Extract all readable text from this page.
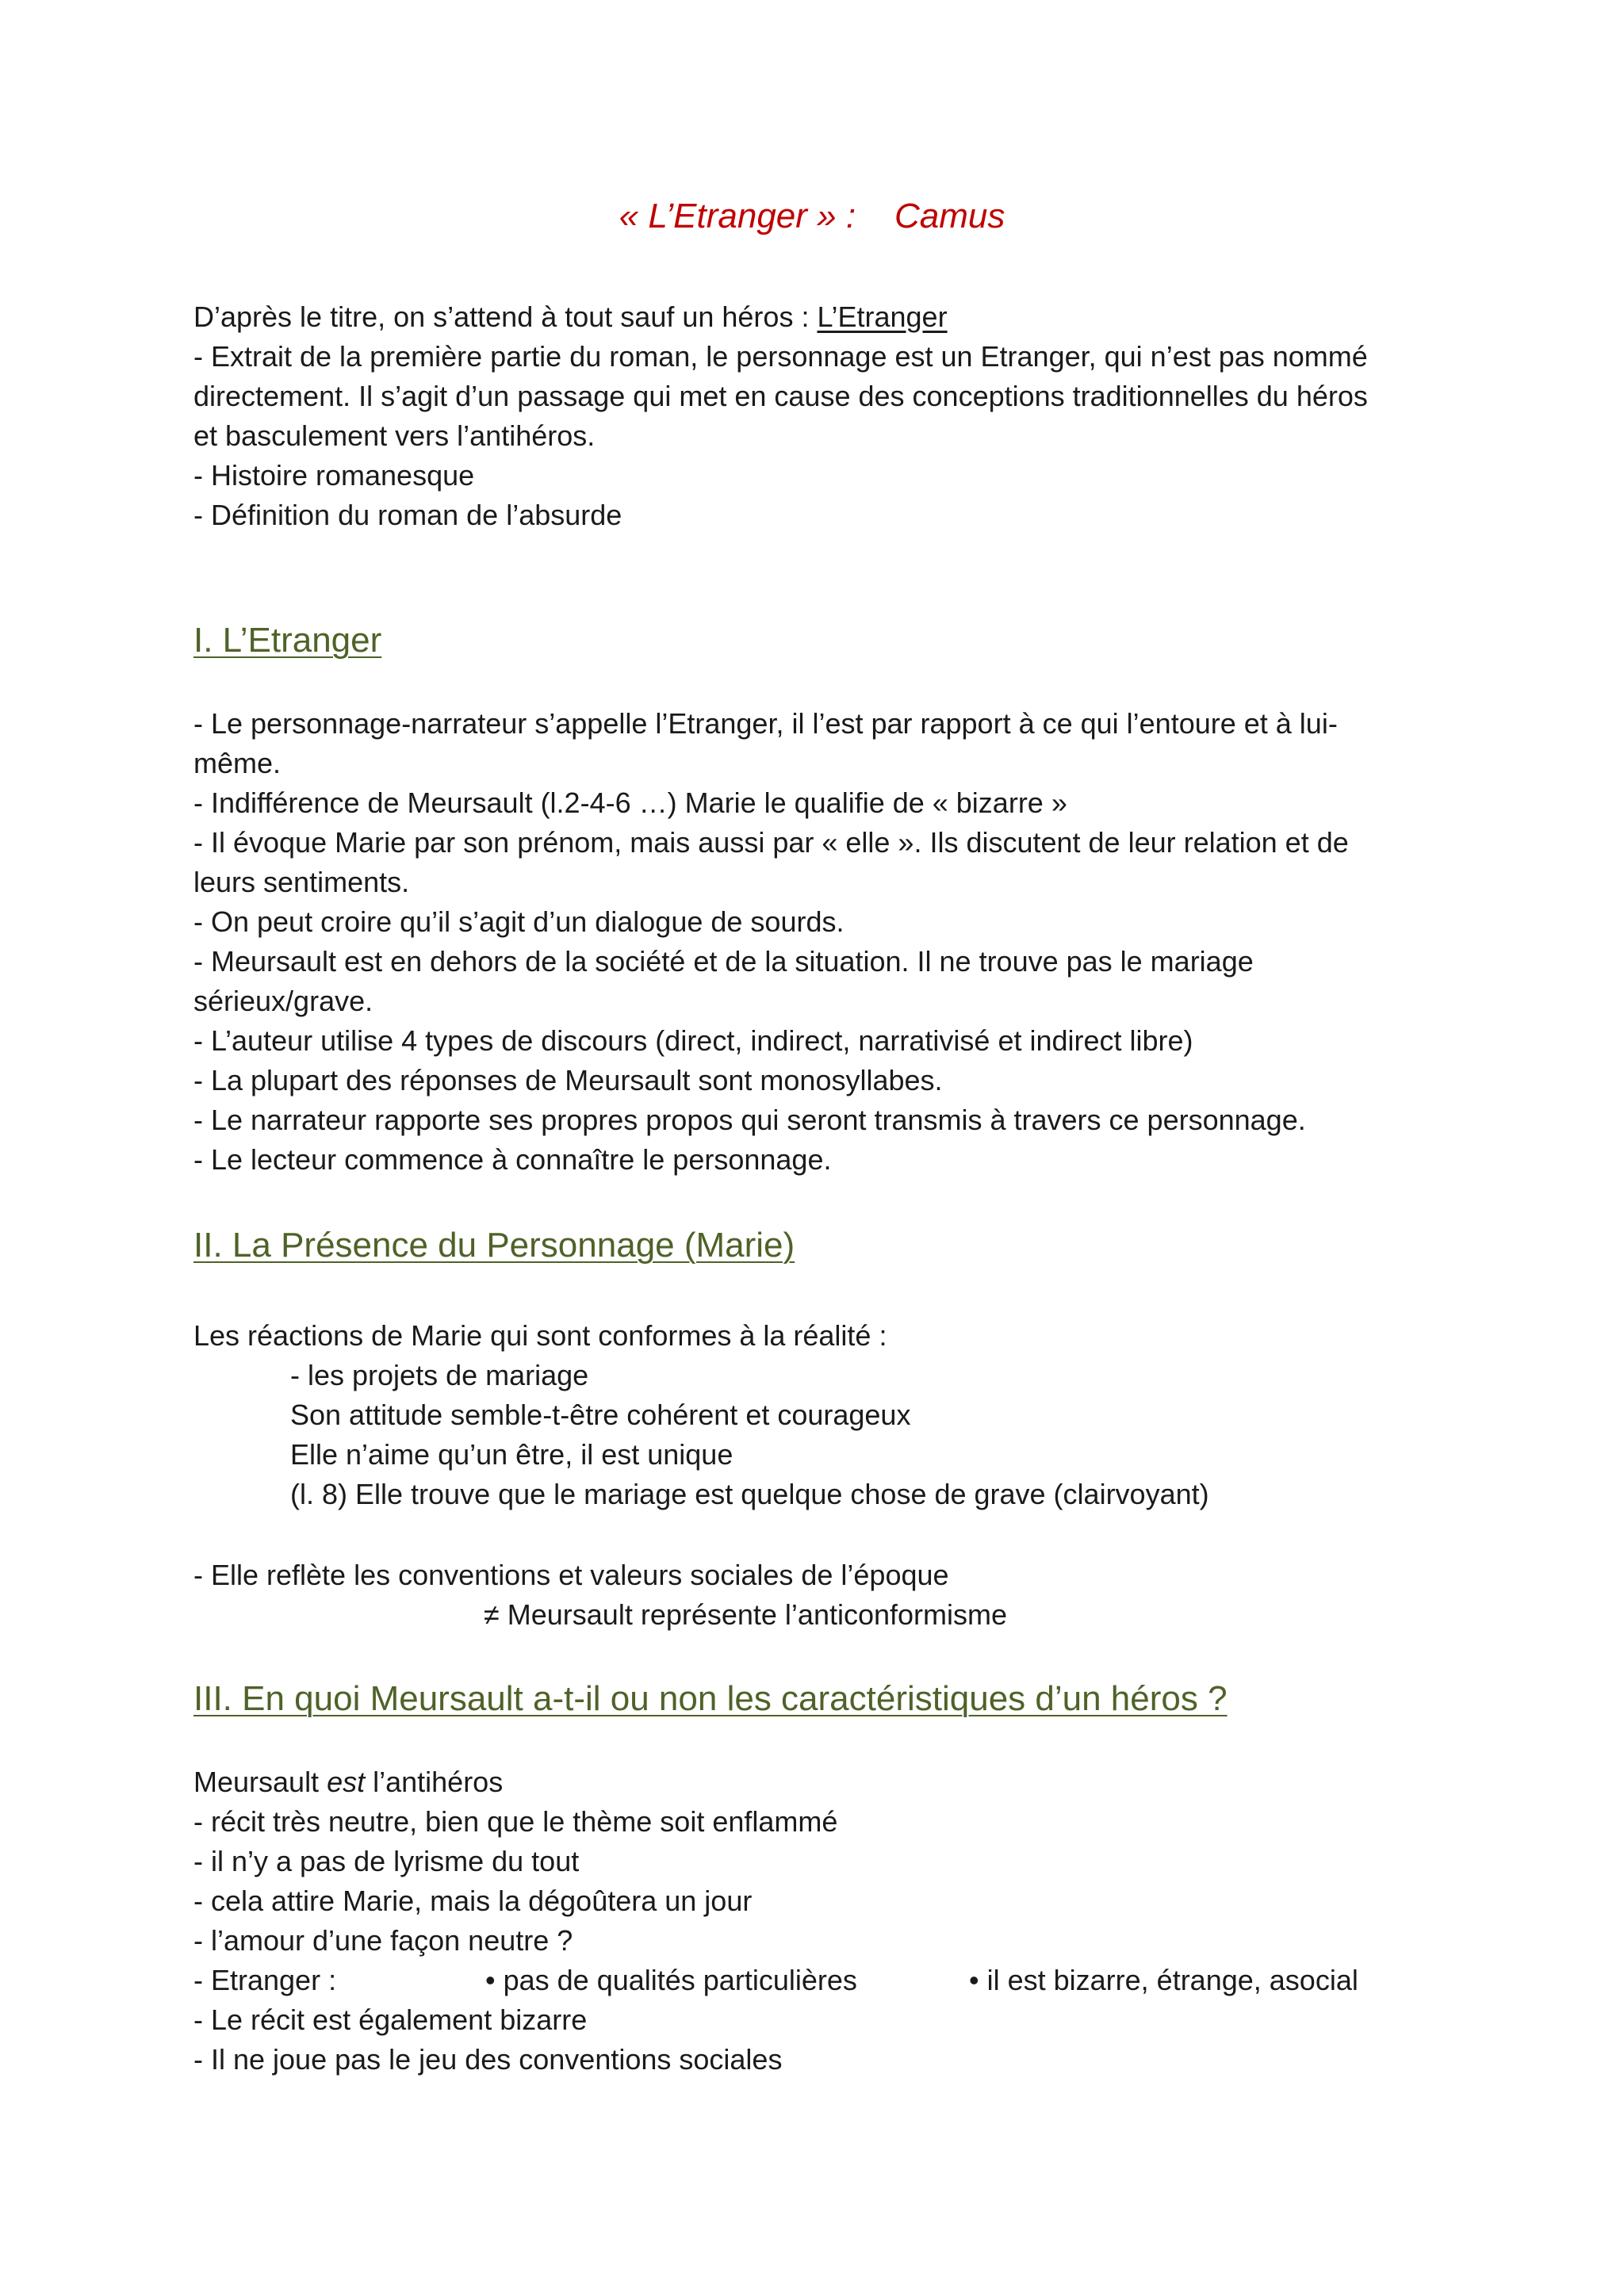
« L’Etranger » :    Camus
D’après le titre, on s’attend à tout sauf un héros : L’Etranger
- Extrait de la première partie du roman, le personnage est un Etranger, qui n’est pas nommé
directement. Il s’agit d’un passage qui met en cause des conceptions traditionnelles du héros
et basculement vers l’antihéros.
- Histoire romanesque
- Définition du roman de l’absurde
I. L’Etranger
- Le personnage-narrateur s’appelle l’Etranger, il l’est par rapport à ce qui l’entoure et à lui-
même.
- Indifférence de Meursault (l.2-4-6 …) Marie le qualifie de « bizarre »
- Il évoque Marie par son prénom, mais aussi par « elle ». Ils discutent de leur relation et de
leurs sentiments.
- On peut croire qu’il s’agit d’un dialogue de sourds.
- Meursault est en dehors de la société et de la situation. Il ne trouve pas le mariage
sérieux/grave.
- L’auteur utilise 4 types de discours (direct, indirect, narrativisé et indirect libre)
- La plupart des réponses de Meursault sont monosyllabes.
- Le narrateur rapporte ses propres propos qui seront transmis à travers ce personnage.
- Le lecteur commence à connaître le personnage.
II. La Présence du Personnage (Marie)
Les réactions de Marie qui sont conformes à la réalité :
- les projets de mariage
Son attitude semble-t-être cohérent et courageux
Elle n’aime qu’un être, il est unique
(l. 8) Elle trouve que le mariage est quelque chose de grave (clairvoyant)
- Elle reflète les conventions et valeurs sociales de l’époque
≠ Meursault représente l’anticonformisme
III. En quoi Meursault a-t-il ou non les caractéristiques d’un héros ?
Meursault est l’antihéros
- récit très neutre, bien que le thème soit enflammé
- il n’y a pas de lyrisme du tout
- cela attire Marie, mais la dégoûtera un jour
- l’amour d’une façon neutre ?
- Etranger :	• pas de qualités particulières	• il est bizarre, étrange, asocial
- Le récit est également bizarre
- Il ne joue pas le jeu des conventions sociales
